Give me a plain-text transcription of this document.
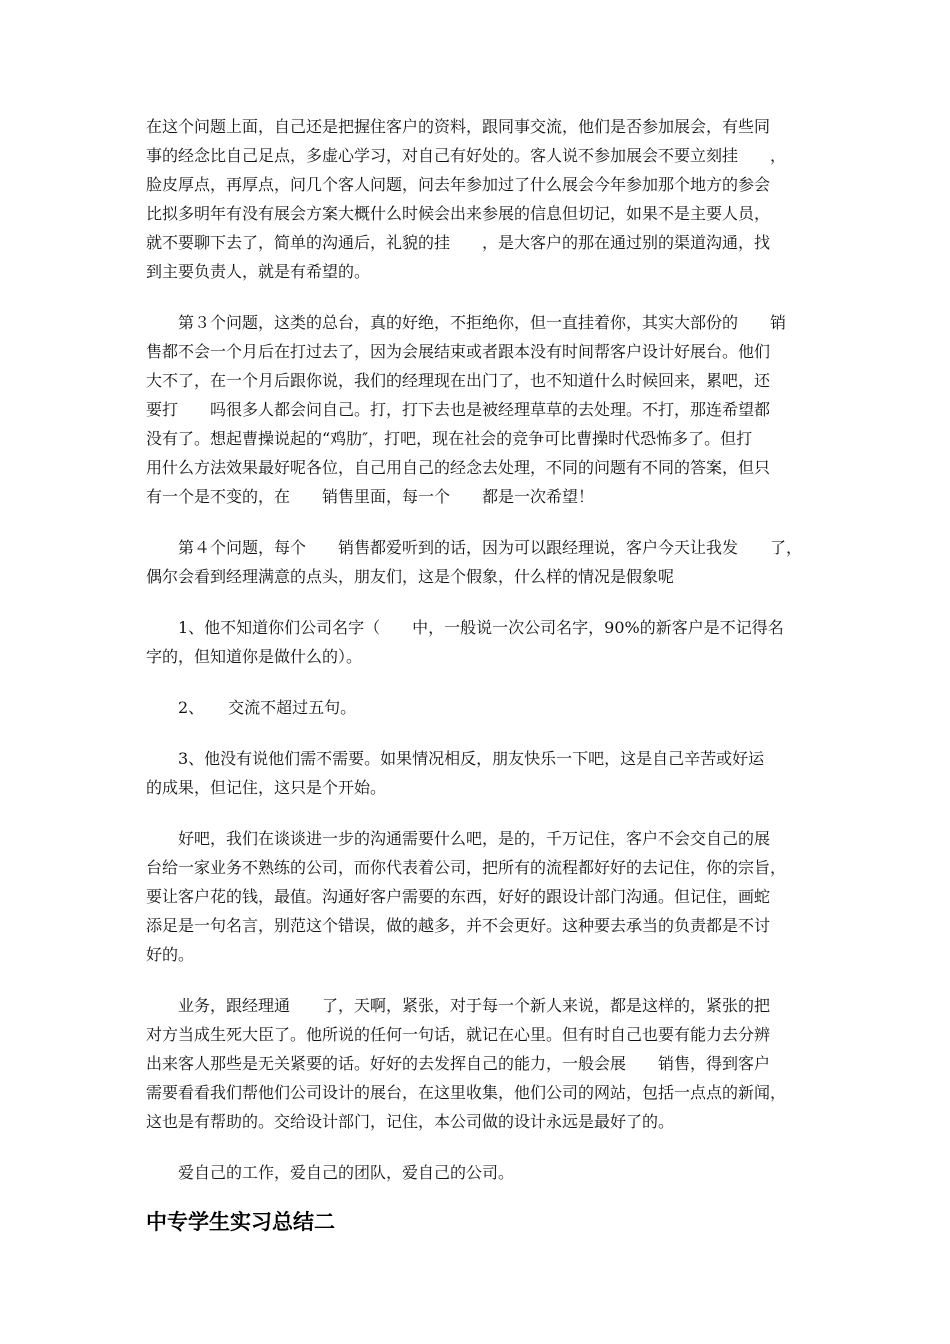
在这个问题上面，自己还是把握住客户的资料，跟同事交流，他们是否参加展会，有些同
事的经念比自己足点，多虚心学习，对自己有好处的。客人说不参加展会不要立刻挂　　，
脸皮厚点，再厚点，问几个客人问题，问去年参加过了什么展会今年参加那个地方的参会
比拟多明年有没有展会方案大概什么时候会出来参展的信息但切记，如果不是主要人员，
就不要聊下去了，简单的沟通后，礼貌的挂　　，是大客户的那在通过别的渠道沟通，找
到主要负责人，就是有希望的。
第３个问题，这类的总台，真的好绝，不拒绝你，但一直挂着你，其实大部份的　　销
售都不会一个月后在打过去了，因为会展结束或者跟本没有时间帮客户设计好展台。他们
大不了，在一个月后跟你说，我们的经理现在出门了，也不知道什么时候回来，累吧，还
要打　　吗很多人都会问自己。打，打下去也是被经理草草的去处理。不打，那连希望都
没有了。想起曹操说起的“鸡肋″，打吧，现在社会的竞争可比曹操时代恐怖多了。但打
用什么方法效果最好呢各位，自己用自己的经念去处理，不同的问题有不同的答案，但只
有一个是不变的，在　　销售里面，每一个　　都是一次希望！
第４个问题，每个　　销售都爱听到的话，因为可以跟经理说，客户今天让我发　　了，
偶尔会看到经理满意的点头，朋友们，这是个假象，什么样的情况是假象呢
1、他不知道你们公司名字（　　中，一般说一次公司名字，90%的新客户是不记得名
字的，但知道你是做什么的）。
2、　　交流不超过五句。
3、他没有说他们需不需要。如果情况相反，朋友快乐一下吧，这是自己辛苦或好运
的成果，但记住，这只是个开始。
好吧，我们在谈谈进一步的沟通需要什么吧，是的，千万记住，客户不会交自己的展
台给一家业务不熟练的公司，而你代表着公司，把所有的流程都好好的去记住，你的宗旨，
要让客户花的钱，最值。沟通好客户需要的东西，好好的跟设计部门沟通。但记住，画蛇
添足是一句名言，别范这个错误，做的越多，并不会更好。这种要去承当的负责都是不讨
好的。
业务，跟经理通　　了，天啊，紧张，对于每一个新人来说，都是这样的，紧张的把
对方当成生死大臣了。他所说的任何一句话，就记在心里。但有时自己也要有能力去分辨
出来客人那些是无关紧要的话。好好的去发挥自己的能力，一般会展　　销售，得到客户
需要看看我们帮他们公司设计的展台，在这里收集，他们公司的网站，包括一点点的新闻，
这也是有帮助的。交给设计部门，记住，本公司做的设计永远是最好了的。
爱自己的工作，爱自己的团队，爱自己的公司。
中专学生实习总结二
